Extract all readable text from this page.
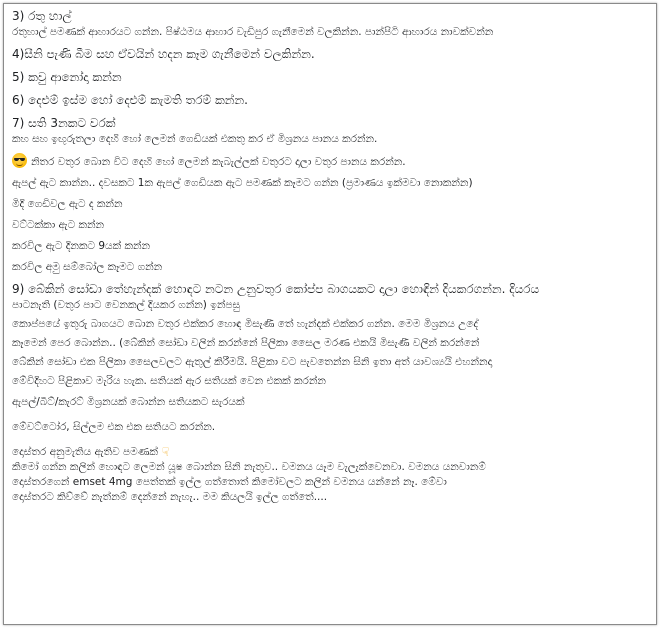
3) රතු හාල්
රතුහාල් පමණක් ආහාරයට ගන්න. පිෂ්ඨමය ආහාර වැඩිපුර ගැනීමෙන් වලකින්න. පාන්පිටි ආහාරය නාවක්වන්න
4)සීනි පැණි බීම සහ ඒවයින් හදන කෑම ගැනීමෙන් වලකින්න.
5) කවු ආනෝදා කන්න
6) දෙළුම් ඉස්ම හෝ දෙළුම් කැමති තරම් කන්න.
7) සති 3නකට වරක්
කහ සහ ඉඟුරුතලා දෙහි හෝ ලෙමන් ගෙඩියක් එකතු කර ඒ මිශ්‍රනය පානය කරන්න.
නිතර වතුර බොන විට දෙහි හෝ ලෙමන් කැබැල්ලක් වතුරට දාලා වතුර පානය කරන්න.
ඇපල් ඇට කාන්න.. දවසකට 1ක ඇපල් ගෙඩියක ඇට පමණක් කෑමට ගන්න (ප්‍රමාණය ඉක්මවා නොකන්න)
මිදි ගෙඩිවල ඇට ද කන්න
වට්ටක්කා ඇට කන්න
කරවිල ඇට දිනකට 9යක් කන්න
කරවිල අමු සම්බෝල කෑමට ගන්න
9) බේකින් සෝඩා තේහැන්දක් හොඳට නටන උනුවතුර කෝප්ප බාගයකට දාලා හොඳින් දියකරගන්න. දියරය
පාටනැති (වතුර පාට වෙනකල් දියකර ගන්න) ඉන්පසු
කොප්පයේ ඉතුරු බාගයට බොන වතුර එක්කර හොඳ මිසැණී තේ හැන්දක් එක්කර ගන්න. මෙම මිශ්‍රනය උදේ
කෑමෙන් පෙර බොන්න.. (බේකින් සෝඩා වලින් කරන්නේ පිලිකා සෛල මරණ එකයි මිසැණී වලින් කරන්නේ
බේකින් සෝඩා එක පිලිකා සෛලවලට ඇතුල් කිරීමයි. පිළිකා වට පැවතෙන්න සිනි ඉතා අත් යාවශ්‍යයි එහන්නදා
මේවිදිහට පිළිකාව මැරිය හැක. සතියක් ඇර සතියක් වෙන එකක් කරන්න
ඇපල්/බීට්/කැරට් මිශ්‍රනයක් බොන්න සතියකට සැරයක්
මේවට්ටෝර, සිල්ලම එක එක සතියට කරන්න.
දොස්තර අනුමැතිය ඇතිව පමණක් ☟
කිමෝ ගන්න කලින් හොඳට ලෙමන් යූෂ බොන්න සිනි නැතුව.. වමනය යෑම වැලැක්වෙනවා. වමනය යනවානම්
දොස්තරගෙන් emset 4mg පෙත්තක් ඉල්ල ගත්තොත් කිමෝවලට කලින් වමනය යන්නේ නෑ. මේවා
දොස්තරට කිව්වේ නැත්නම් දෙන්නේ නැහැ.. මම කියලයි ඉල්ල ගත්තේ....
